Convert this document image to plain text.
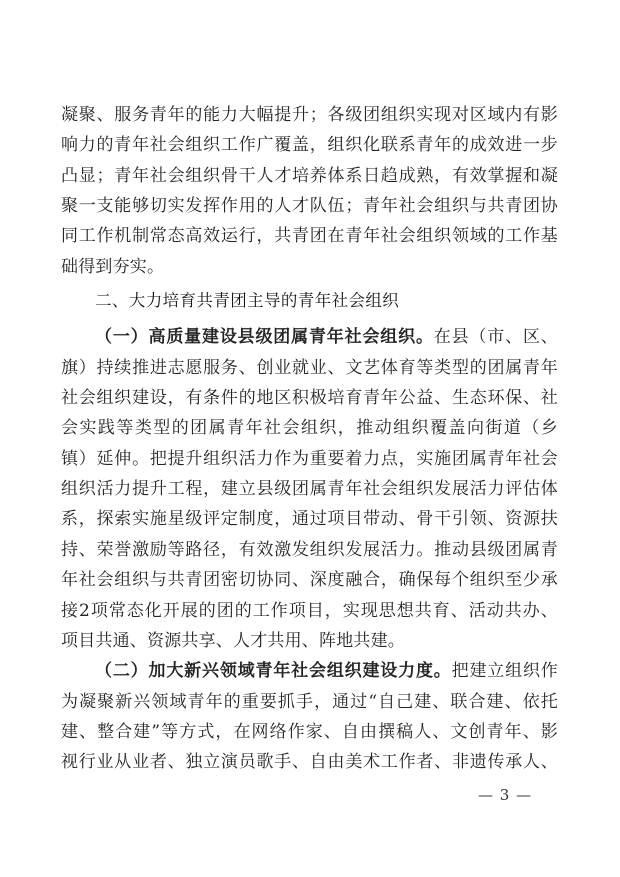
凝聚、服务青年的能力大幅提升；各级团组织实现对区域内有影
响力的青年社会组织工作广覆盖，组织化联系青年的成效进一步
凸显；青年社会组织骨干人才培养体系日趋成熟，有效掌握和凝
聚一支能够切实发挥作用的人才队伍；青年社会组织与共青团协
同工作机制常态高效运行，共青团在青年社会组织领域的工作基
础得到夯实。
二、大力培育共青团主导的青年社会组织
（一）高质量建设县级团属青年社会组织。在县（市、区、
旗）持续推进志愿服务、创业就业、文艺体育等类型的团属青年
社会组织建设，有条件的地区积极培育青年公益、生态环保、社
会实践等类型的团属青年社会组织，推动组织覆盖向街道（乡
镇）延伸。把提升组织活力作为重要着力点，实施团属青年社会
组织活力提升工程，建立县级团属青年社会组织发展活力评估体
系，探索实施星级评定制度，通过项目带动、骨干引领、资源扶
持、荣誉激励等路径，有效激发组织发展活力。推动县级团属青
年社会组织与共青团密切协同、深度融合，确保每个组织至少承
接2项常态化开展的团的工作项目，实现思想共育、活动共办、
项目共通、资源共享、人才共用、阵地共建。
（二）加大新兴领域青年社会组织建设力度。把建立组织作
为凝聚新兴领域青年的重要抓手，通过“自己建、联合建、依托
建、整合建”等方式，在网络作家、自由撰稿人、文创青年、影
视行业从业者、独立演员歌手、自由美术工作者、非遗传承人、
— 3 —
